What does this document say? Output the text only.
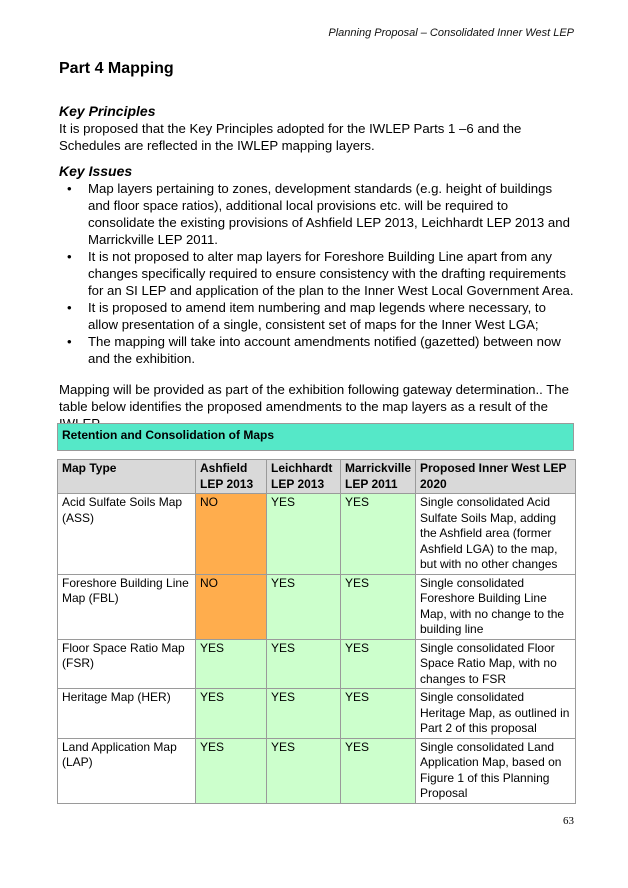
Planning Proposal – Consolidated Inner West LEP
Part 4 Mapping

Key Principles

It is proposed that the Key Principles adopted for the IWLEP Parts 1 –6 and the Schedules are reflected in the IWLEP mapping layers.

Key Issues

• Map layers pertaining to zones, development standards (e.g. height of buildings and floor space ratios), additional local provisions etc. will be required to consolidate the existing provisions of Ashfield LEP 2013, Leichhardt LEP 2013 and Marrickville LEP 2011.
• It is not proposed to alter map layers for Foreshore Building Line apart from any changes specifically required to ensure consistency with the drafting requirements for an SI LEP and application of the plan to the Inner West Local Government Area.
• It is proposed to amend item numbering and map legends where necessary, to allow presentation of a single, consistent set of maps for the Inner West LGA;
• The mapping will take into account amendments notified (gazetted) between now and the exhibition.

Mapping will be provided as part of the exhibition following gateway determination.. The table below identifies the proposed amendments to the map layers as a result of the

Retention and Consolidation of Maps
Map Type	Ashfield LEP 2013	Leichhardt LEP 2013	Marrickville LEP 2011	Proposed Inner West LEP 2020
Acid Sulfate Soils Map (ASS)	NO	YES	YES	Single consolidated Acid Sulfate Soils Map, adding the Ashfield area (former Ashfield LGA) to the map, but with no other changes
Foreshore Building Line Map (FBL)	NO	YES	YES	Single consolidated Foreshore Building Line Map, with no change to the building line
Floor Space Ratio Map (FSR)	YES	YES	YES	Single consolidated Floor Space Ratio Map, with no changes to FSR
Heritage Map (HER)	YES	YES	YES	Single consolidated Heritage Map, as outlined in Part 2 of this proposal
Land Application Map (LAP)	YES	YES	YES	Single consolidated Land Application Map, based on Figure 1 of this Planning Proposal
63
